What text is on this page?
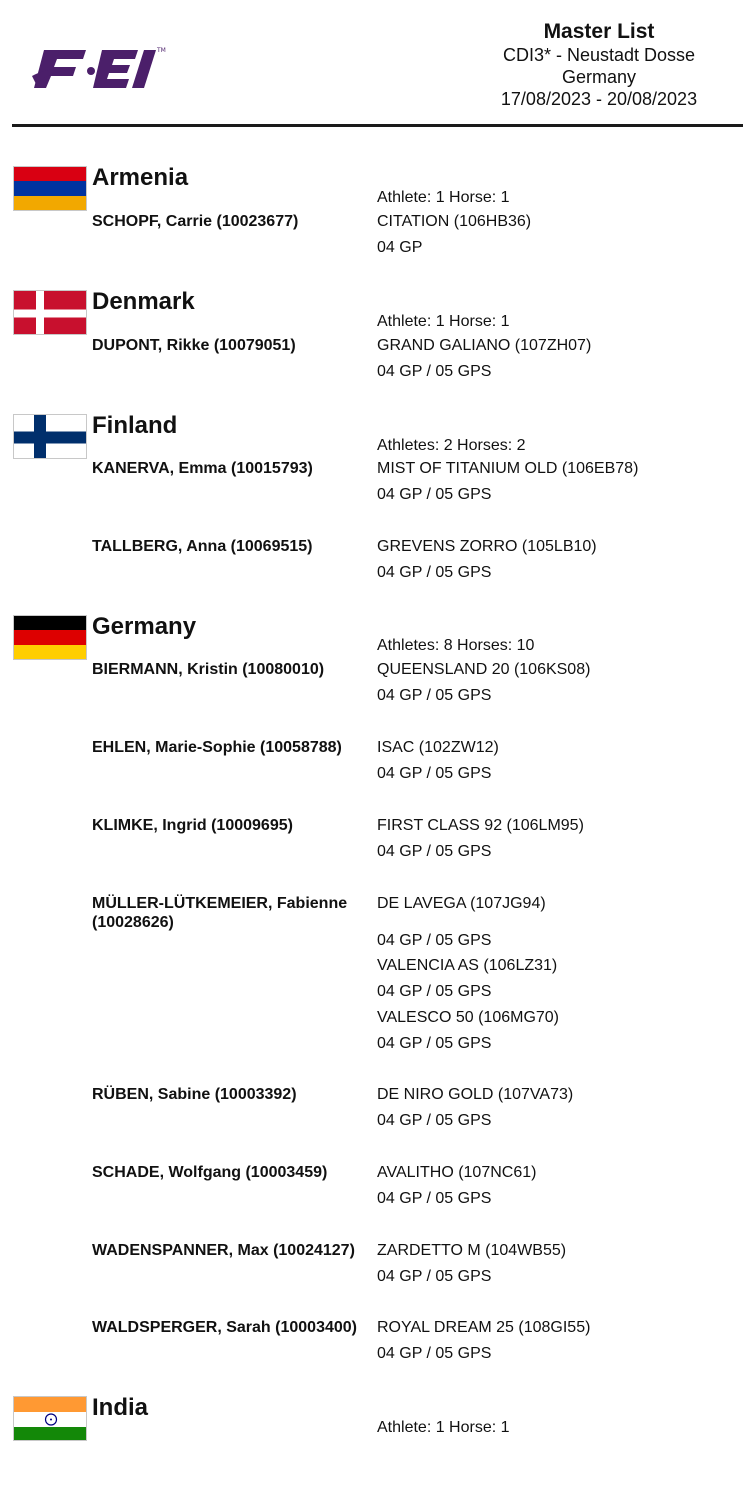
TM
Master List
CDI3* - Neustadt Dosse
Germany
17/08/2023 - 20/08/2023
Armenia
Athlete: 1 Horse: 1
SCHOPF, Carrie (10023677)	CITATION (106HB36)
04 GP
Denmark
Athlete: 1 Horse: 1
DUPONT, Rikke (10079051)	GRAND GALIANO (107ZH07)
04 GP / 05 GPS
Finland
Athletes: 2 Horses: 2
KANERVA, Emma (10015793)	MIST OF TITANIUM OLD (106EB78)
04 GP / 05 GPS
TALLBERG, Anna (10069515)	GREVENS ZORRO (105LB10)
04 GP / 05 GPS
Germany
Athletes: 8 Horses: 10
BIERMANN, Kristin (10080010)	QUEENSLAND 20 (106KS08)
04 GP / 05 GPS
EHLEN, Marie-Sophie (10058788)	ISAC (102ZW12)
04 GP / 05 GPS
KLIMKE, Ingrid (10009695)	FIRST CLASS 92 (106LM95)
04 GP / 05 GPS
MÜLLER-LÜTKEMEIER, Fabienne (10028626)
DE LAVEGA (107JG94)
04 GP / 05 GPS
VALENCIA AS (106LZ31)
04 GP / 05 GPS
VALESCO 50 (106MG70)
04 GP / 05 GPS
RÜBEN, Sabine (10003392)	DE NIRO GOLD (107VA73)
04 GP / 05 GPS
SCHADE, Wolfgang (10003459)	AVALITHO (107NC61)
04 GP / 05 GPS
WADENSPANNER, Max (10024127)	ZARDETTO M (104WB55)
04 GP / 05 GPS
WALDSPERGER, Sarah (10003400)	ROYAL DREAM 25 (108GI55)
04 GP / 05 GPS
India
Athlete: 1 Horse: 1
